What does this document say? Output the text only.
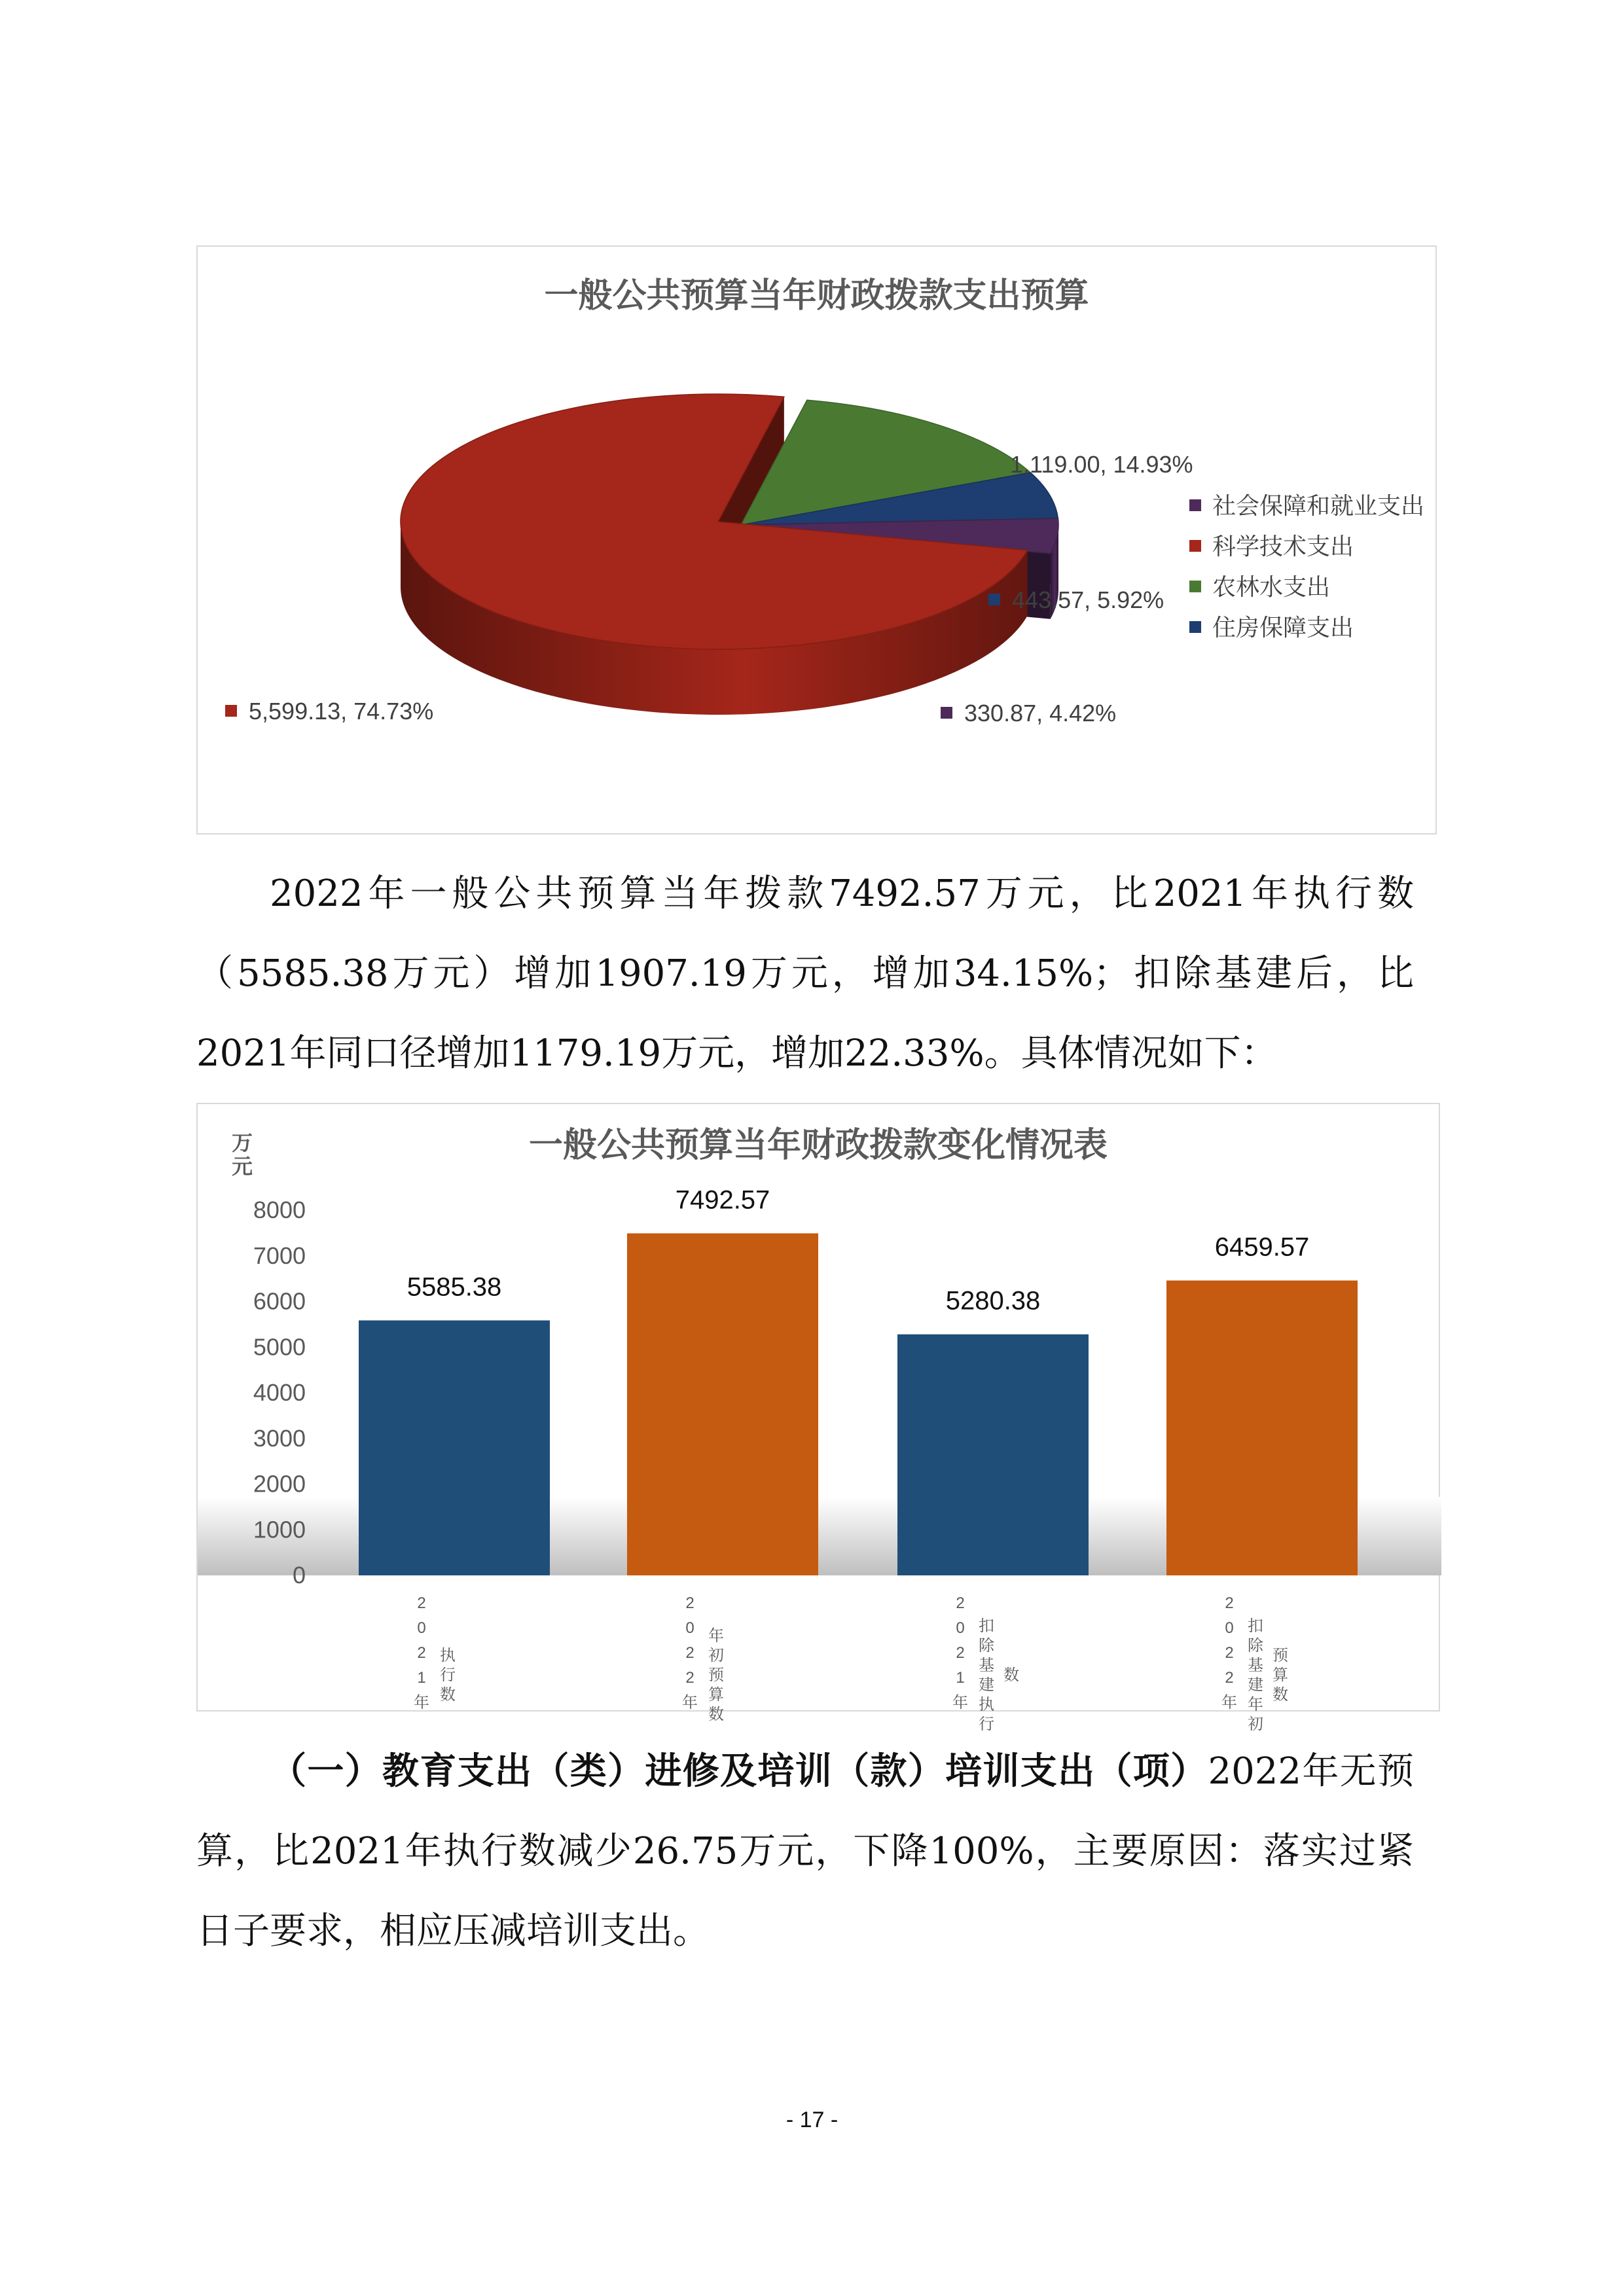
一般公共预算当年财政拨款支出预算
1,119.00, 14.93%
443.57, 5.92%
330.87, 4.42%
5,599.13, 74.73%
社会保障和就业支出
科学技术支出
农林水支出
住房保障支出

2022年一般公共预算当年拨款7492.57万元，比2021年执行数（5585.38万元）增加1907.19万元，增加34.15%；扣除基建后，比2021年同口径增加1179.19万元，增加22.33%。具体情况如下：

一般公共预算当年财政拨款变化情况表
万
元
0
1000
2000
3000
4000
5000
6000
7000
8000
5585.38
2
0
2
1
年
执
行
数
7492.57
2
0
2
2
年
年
初
预
算
数
5280.38
2
0
2
1
年
扣
除
基
建
执
行
数
6459.57
2
0
2
2
年
扣
除
基
建
年
初
预
算
数

（一）教育支出（类）进修及培训（款）培训支出（项）2022年无预算，比2021年执行数减少26.75万元，下降100%，主要原因：落实过紧日子要求，相应压减培训支出。

- 17 -
